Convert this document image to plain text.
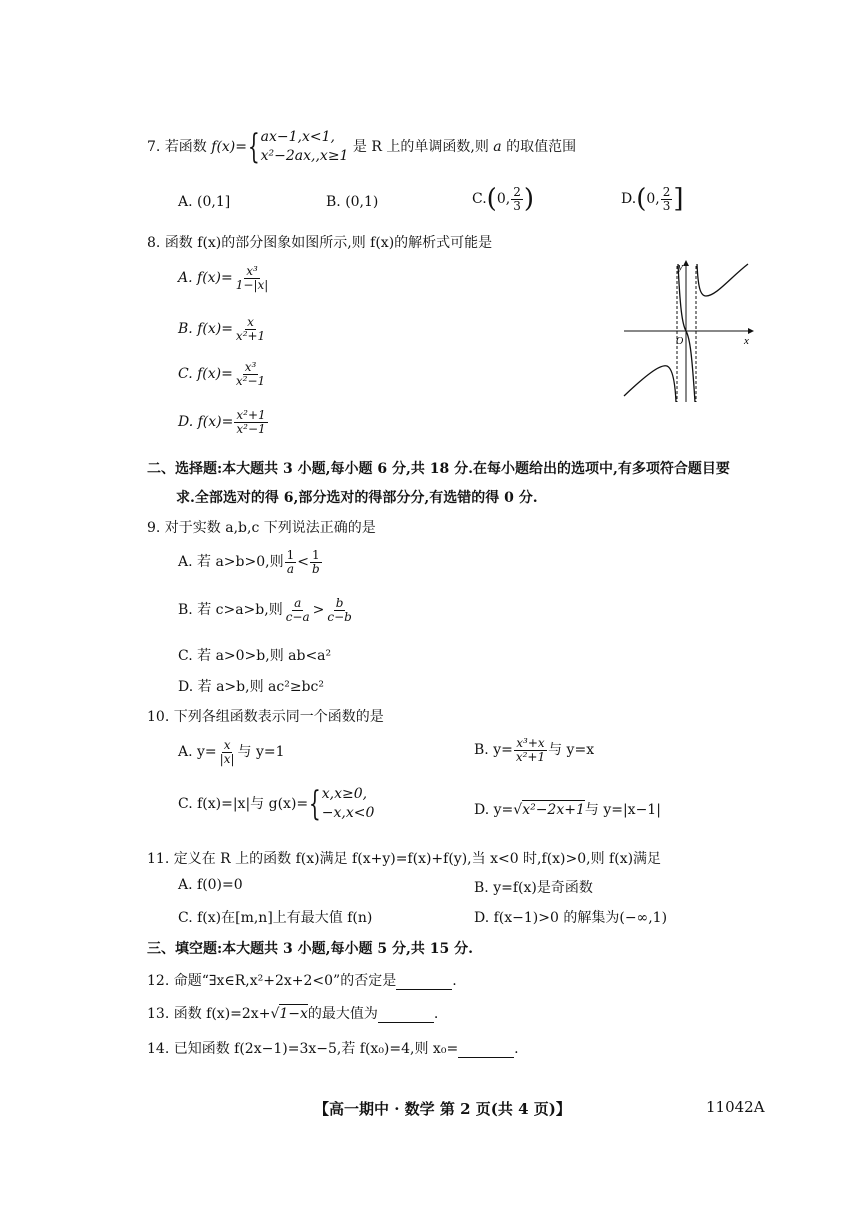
7. 若函数 f(x)={ ax−1,x<1,
x²−2ax,,x≥1
是 R 上的单调函数,则 a 的取值范围
A. (0,1]	B. (0,1)	C.(0, $\frac{2}{3}$ )	D.(0, $\frac{2}{3}$ ]
8. 函数 f(x)的部分图象如图所示,则 f(x)的解析式可能是
A. $f(x)= \frac{\text{x³}}{1-|x|}$
B. $f(x)= \frac{x}{\text{x²+1}}$
C. $f(x)= \frac{\text{x³}}{\text{x²−1}}$
D. $f(x)= \frac{\text{x²+1}}{\text{x²−1}}$
x
y
O
二、选择题:本大题共 3 小题,每小题 6 分,共 18 分.在每小题给出的选项中,有多项符合题目要
求.全部选对的得 6,部分选对的得部分分,有选错的得 0 分.
9. 对于实数 a,b,c 下列说法正确的是
A. 若 a>b>0,则 $\frac{1}{a} < \frac{1}{b}$
B. 若 c>a>b,则 $\frac{a}{c-a} > \frac{b}{c-b}$
C. 若 a>0>b,则 ab<a²
D. 若 a>b,则 ac²≥bc²
10. 下列各组函数表示同一个函数的是
A. $y= \frac{x}{|x|}$ 与 y=1	B. $y= \frac{\text{x³+x}}{\text{x²+1}}$ 与 y=x
C. f(x)=|x|与 g(x)={ x,x≥0,
−x,x<0	D. y=√x²−2x+1与 y=|x−1|
11. 定义在 R 上的函数 f(x)满足 f(x+y)=f(x)+f(y),当 x<0 时,f(x)>0,则 f(x)满足
A. f(0)=0	B. y=f(x)是奇函数
C. f(x)在[m,n]上有最大值 f(n)	D. f(x−1)>0 的解集为(−∞,1)
三、填空题:本大题共 3 小题,每小题 5 分,共 15 分.
12. 命题“∃x∈R,x²+2x+2<0”的否定是	.
13. 函数 f(x)=2x+√1−x的最大值为	.
14. 已知函数 f(2x−1)=3x−5,若 f(x₀)=4,则 x₀=	.
【高一期中 · 数学 第 2 页(共 4 页)】	11042A
